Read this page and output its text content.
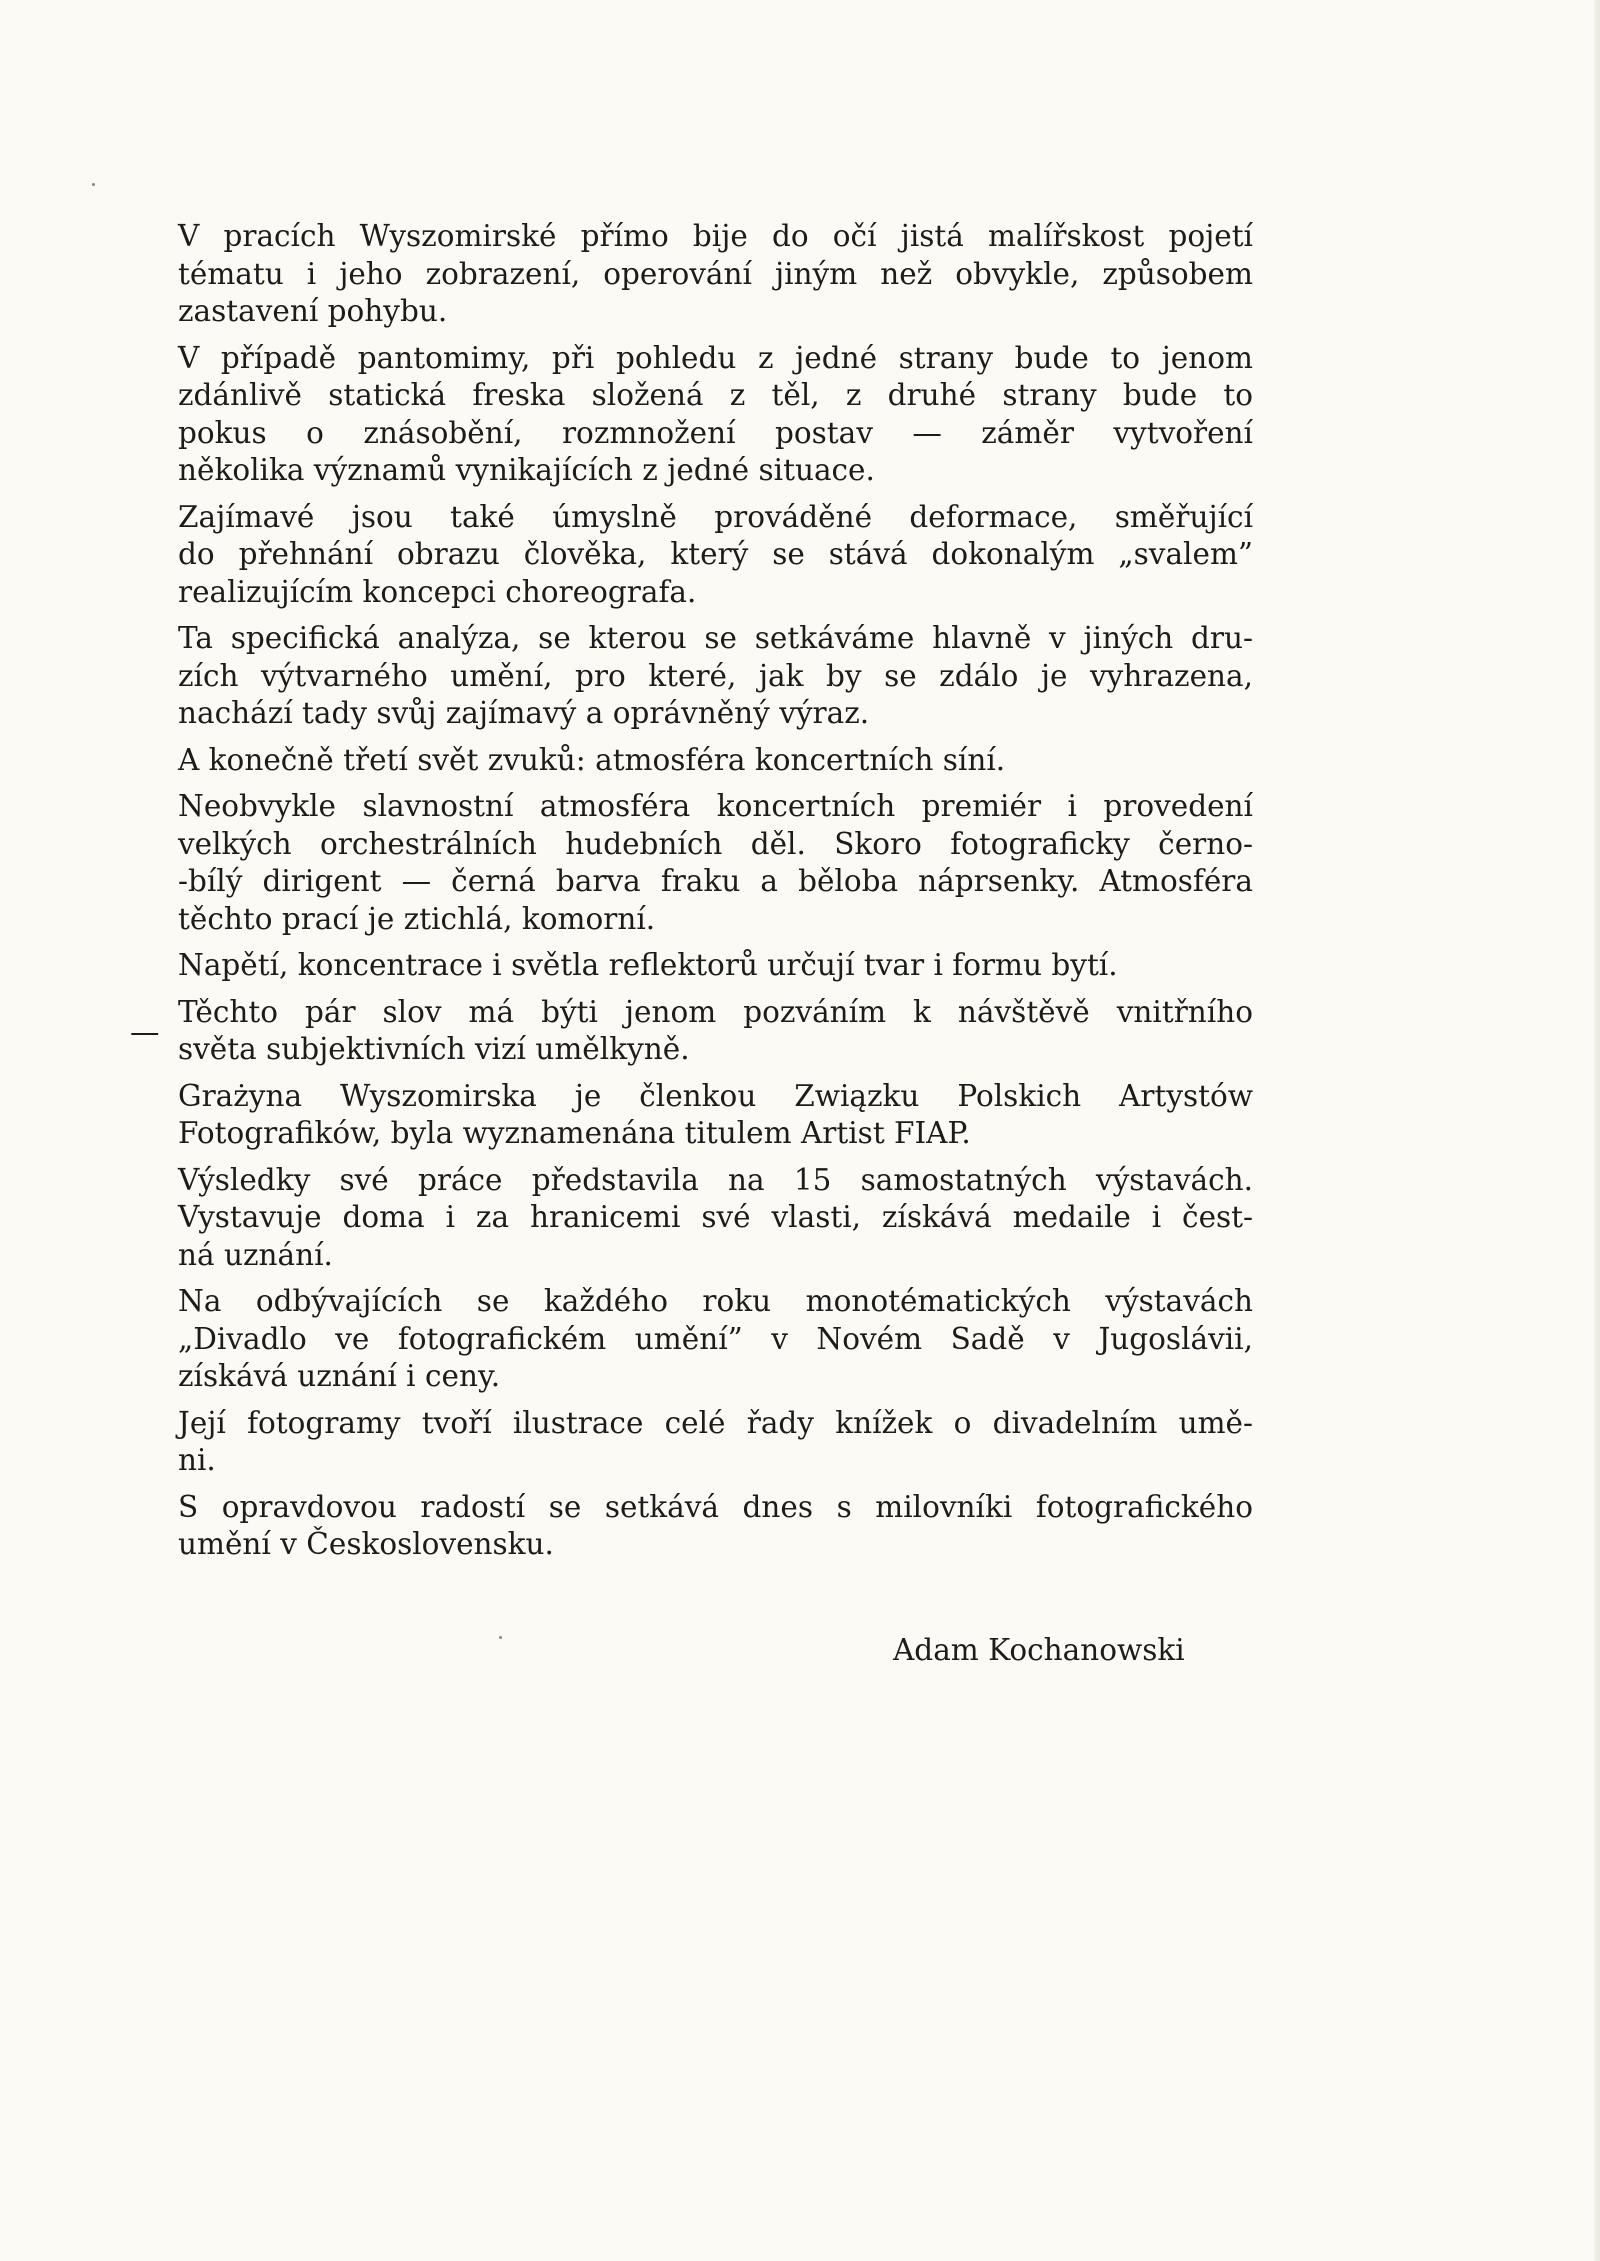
—
V pracích Wyszomirské přímo bije do očí jistá malířskost pojetí
tématu i jeho zobrazení, operování jiným než obvykle, způsobem
zastavení pohybu.
V případě pantomimy, při pohledu z jedné strany bude to jenom
zdánlivě statická freska složená z těl, z druhé strany bude to
pokus o znásobění, rozmnožení postav — záměr vytvoření
několika významů vynikajících z jedné situace.
Zajímavé jsou také úmyslně prováděné deformace, směřující
do přehnání obrazu člověka, který se stává dokonalým „svalem”
realizujícím koncepci choreografa.
Ta specifická analýza, se kterou se setkáváme hlavně v jiných dru-
zích výtvarného umění, pro které, jak by se zdálo je vyhrazena,
nachází tady svůj zajímavý a oprávněný výraz.
A konečně třetí svět zvuků: atmosféra koncertních síní.
Neobvykle slavnostní atmosféra koncertních premiér i provedení
velkých orchestrálních hudebních děl. Skoro fotograficky černo-
-bílý dirigent — černá barva fraku a běloba náprsenky. Atmosféra
těchto prací je ztichlá, komorní.
Napětí, koncentrace i světla reflektorů určují tvar i formu bytí.
Těchto pár slov má býti jenom pozváním k návštěvě vnitřního
světa subjektivních vizí umělkyně.
Grażyna Wyszomirska je členkou Związku Polskich Artystów
Fotografików, byla wyznamenána titulem Artist FIAP.
Výsledky své práce představila na 15 samostatných výstavách.
Vystavuje doma i za hranicemi své vlasti, získává medaile i čest-
ná uznání.
Na odbývajících se každého roku monotématických výstavách
„Divadlo ve fotografickém umění” v Novém Sadě v Jugoslávii,
získává uznání i ceny.
Její fotogramy tvoří ilustrace celé řady knížek o divadelním umě-
ni.
S opravdovou radostí se setkává dnes s milovníki fotografického
umění v Československu.
Adam Kochanowski
